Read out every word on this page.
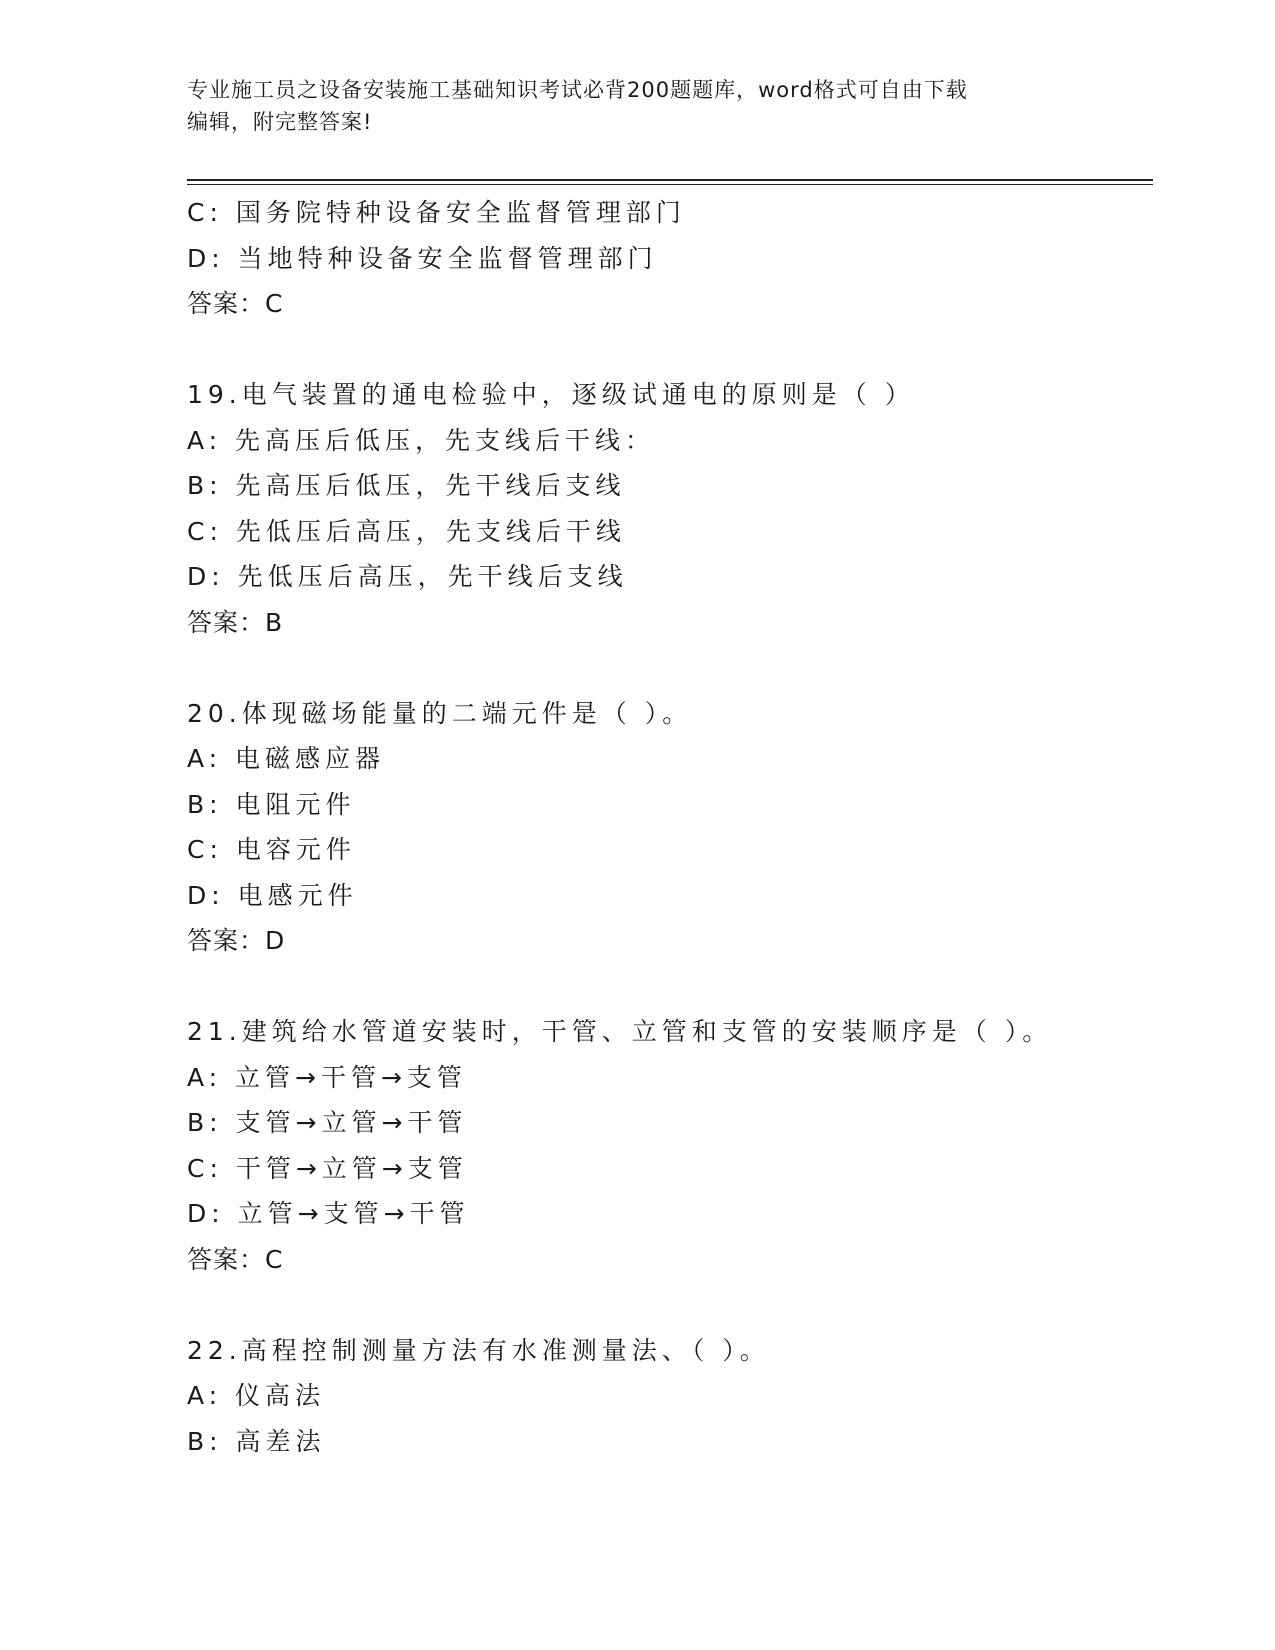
专业施工员之设备安装施工基础知识考试必背200题题库，word格式可自由下载
编辑，附完整答案!
C: 国务院特种设备安全监督管理部门
D: 当地特种设备安全监督管理部门
答案：C
19.电气装置的通电检验中，逐级试通电的原则是（ ）
A: 先高压后低压，先支线后干线：
B: 先高压后低压，先干线后支线
C: 先低压后高压，先支线后干线
D: 先低压后高压，先干线后支线
答案：B
20.体现磁场能量的二端元件是（ ）。
A: 电磁感应器
B: 电阻元件
C: 电容元件
D: 电感元件
答案：D
21.建筑给水管道安装时，干管、立管和支管的安装顺序是（ ）。
A: 立管→干管→支管
B: 支管→立管→干管
C: 干管→立管→支管
D: 立管→支管→干管
答案：C
22.高程控制测量方法有水准测量法、（ ）。
A: 仪高法
B: 高差法
